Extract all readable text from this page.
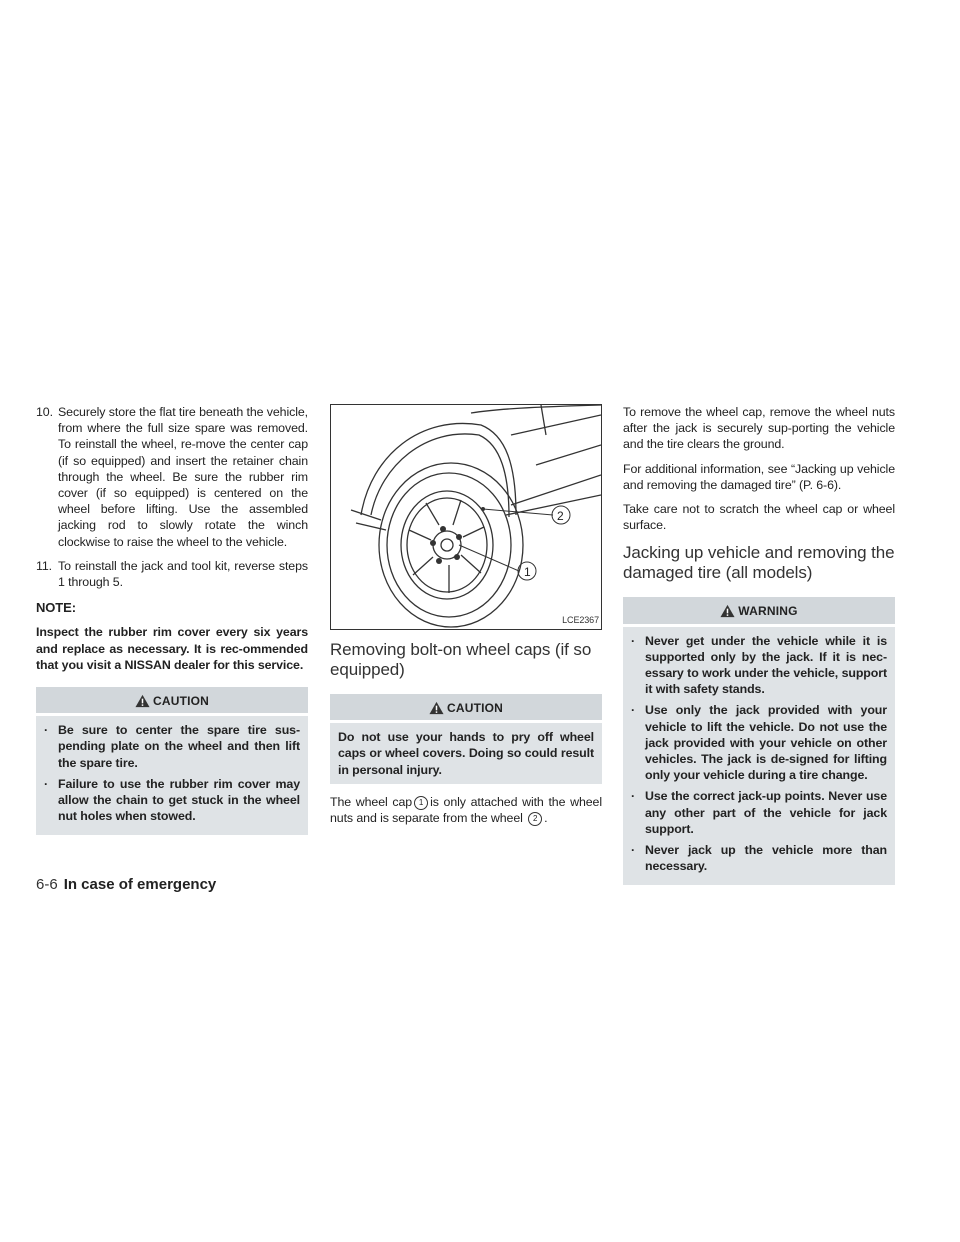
10. Securely store the flat tire beneath the vehicle, from where the full size spare was removed. To reinstall the wheel, re-move the center cap (if so equipped) and insert the retainer chain through the wheel. Be sure the rubber rim cover (if so equipped) is centered on the wheel before lifting. Use the assembled jacking rod to slowly rotate the winch clockwise to raise the wheel to the vehicle.
11. To reinstall the jack and tool kit, reverse steps 1 through 5.
NOTE:

Inspect the rubber rim cover every six years and replace as necessary. It is rec-ommended that you visit a NISSAN dealer for this service.

CAUTION
· Be sure to center the spare tire sus-pending plate on the wheel and then lift the spare tire.
· Failure to use the rubber rim cover may allow the chain to get stuck in the wheel nut holes when stowed.
2
1
LCE2367
Removing bolt-on wheel caps (if so equipped)
CAUTION

Do not use your hands to pry off wheel caps or wheel covers. Doing so could result in personal injury.

The wheel cap 1 is only attached with the wheel nuts and is separate from the wheel 2 .

To remove the wheel cap, remove the wheel nuts after the jack is securely sup-porting the vehicle and the tire clears the ground.

For additional information, see “Jacking up vehicle and removing the damaged tire” (P. 6-6).

Take care not to scratch the wheel cap or wheel surface.

Jacking up vehicle and removing the damaged tire (all models)
WARNING
· Never get under the vehicle while it is supported only by the jack. If it is nec-essary to work under the vehicle, support it with safety stands.
· Use only the jack provided with your vehicle to lift the vehicle. Do not use the jack provided with your vehicle on other vehicles. The jack is de-signed for lifting only your vehicle during a tire change.
· Use the correct jack-up points. Never use any other part of the vehicle for jack support.
· Never jack up the vehicle more than necessary.
6-6 In case of emergency
